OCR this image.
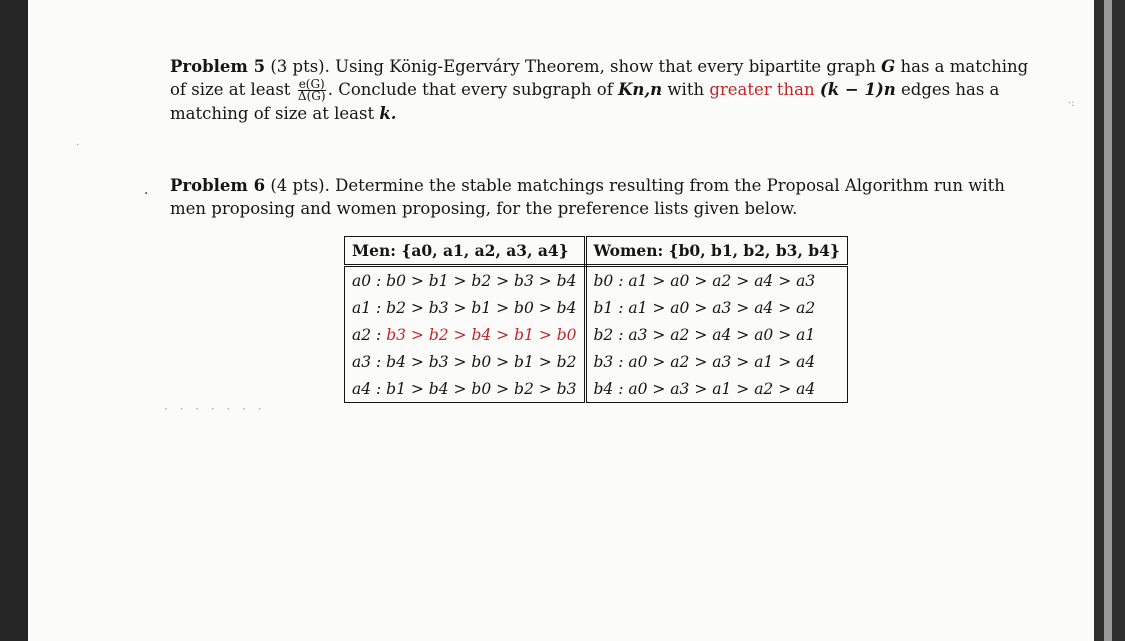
Problem 5 (3 pts). Using König-Egerváry Theorem, show that every bipartite graph G has a matching of size at least $\frac{e(G)}{\Delta(G)}$ . Conclude that every subgraph of Kn,n with greater than (k − 1)n edges has a matching of size at least k.
· Problem 6 (4 pts). Determine the stable matchings resulting from the Proposal Algorithm run with men proposing and women proposing, for the preference lists given below.
Men: {a0, a1, a2, a3, a4}	Women: {b0, b1, b2, b3, b4}
a0 : b0 > b1 > b2 > b3 > b4	b0 : a1 > a0 > a2 > a4 > a3
a1 : b2 > b3 > b1 > b0 > b4	b1 : a1 > a0 > a3 > a4 > a2
a2 : b3 > b2 > b4 > b1 > b0	b2 : a3 > a2 > a4 > a0 > a1
a3 : b4 > b3 > b0 > b1 > b2	b3 : a0 > a2 > a3 > a1 > a4
a4 : b1 > b4 > b0 > b2 > b3	b4 : a0 > a3 > a1 > a2 > a4
· · · · · · ·
·:
·
